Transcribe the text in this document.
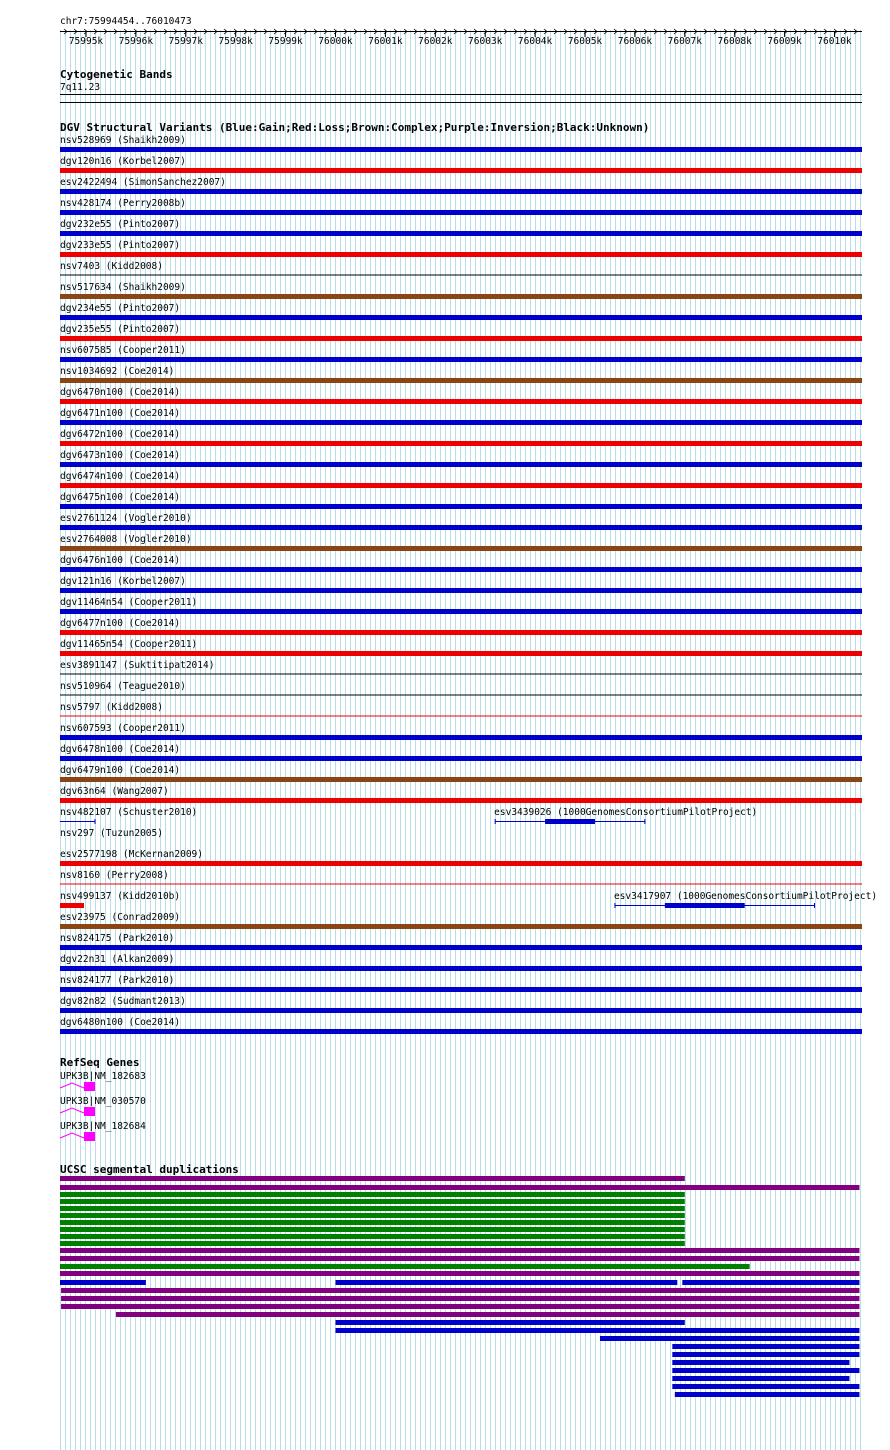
chr7:75994454..76010473
75995k 75996k 75997k 75998k 75999k 76000k 76001k 76002k 76003k 76004k 76005k 76006k 76007k 76008k 76009k 76010k
Cytogenetic Bands
7q11.23
DGV Structural Variants (Blue:Gain;Red:Loss;Brown:Complex;Purple:Inversion;Black:Unknown)
nsv528969 (Shaikh2009)
dgv120n16 (Korbel2007)
esv2422494 (SimonSanchez2007)
nsv428174 (Perry2008b)
dgv232e55 (Pinto2007)
dgv233e55 (Pinto2007)
nsv7403 (Kidd2008)
nsv517634 (Shaikh2009)
dgv234e55 (Pinto2007)
dgv235e55 (Pinto2007)
nsv607585 (Cooper2011)
nsv1034692 (Coe2014)
dgv6470n100 (Coe2014)
dgv6471n100 (Coe2014)
dgv6472n100 (Coe2014)
dgv6473n100 (Coe2014)
dgv6474n100 (Coe2014)
dgv6475n100 (Coe2014)
esv2761124 (Vogler2010)
esv2764008 (Vogler2010)
dgv6476n100 (Coe2014)
dgv121n16 (Korbel2007)
dgv11464n54 (Cooper2011)
dgv6477n100 (Coe2014)
dgv11465n54 (Cooper2011)
esv3891147 (Suktitipat2014)
nsv510964 (Teague2010)
nsv5797 (Kidd2008)
nsv607593 (Cooper2011)
dgv6478n100 (Coe2014)
dgv6479n100 (Coe2014)
dgv63n64 (Wang2007)
nsv482107 (Schuster2010)
nsv297 (Tuzun2005)
esv2577198 (McKernan2009)
nsv8160 (Perry2008)
nsv499137 (Kidd2010b)
esv23975 (Conrad2009)
nsv824175 (Park2010)
dgv22n31 (Alkan2009)
nsv824177 (Park2010)
dgv82n82 (Sudmant2013)
dgv6480n100 (Coe2014)
esv3439026 (1000GenomesConsortiumPilotProject)
esv3417907 (1000GenomesConsortiumPilotProject)
RefSeq Genes
UPK3B|NM_182683
UPK3B|NM_030570
UPK3B|NM_182684
UCSC segmental duplications
